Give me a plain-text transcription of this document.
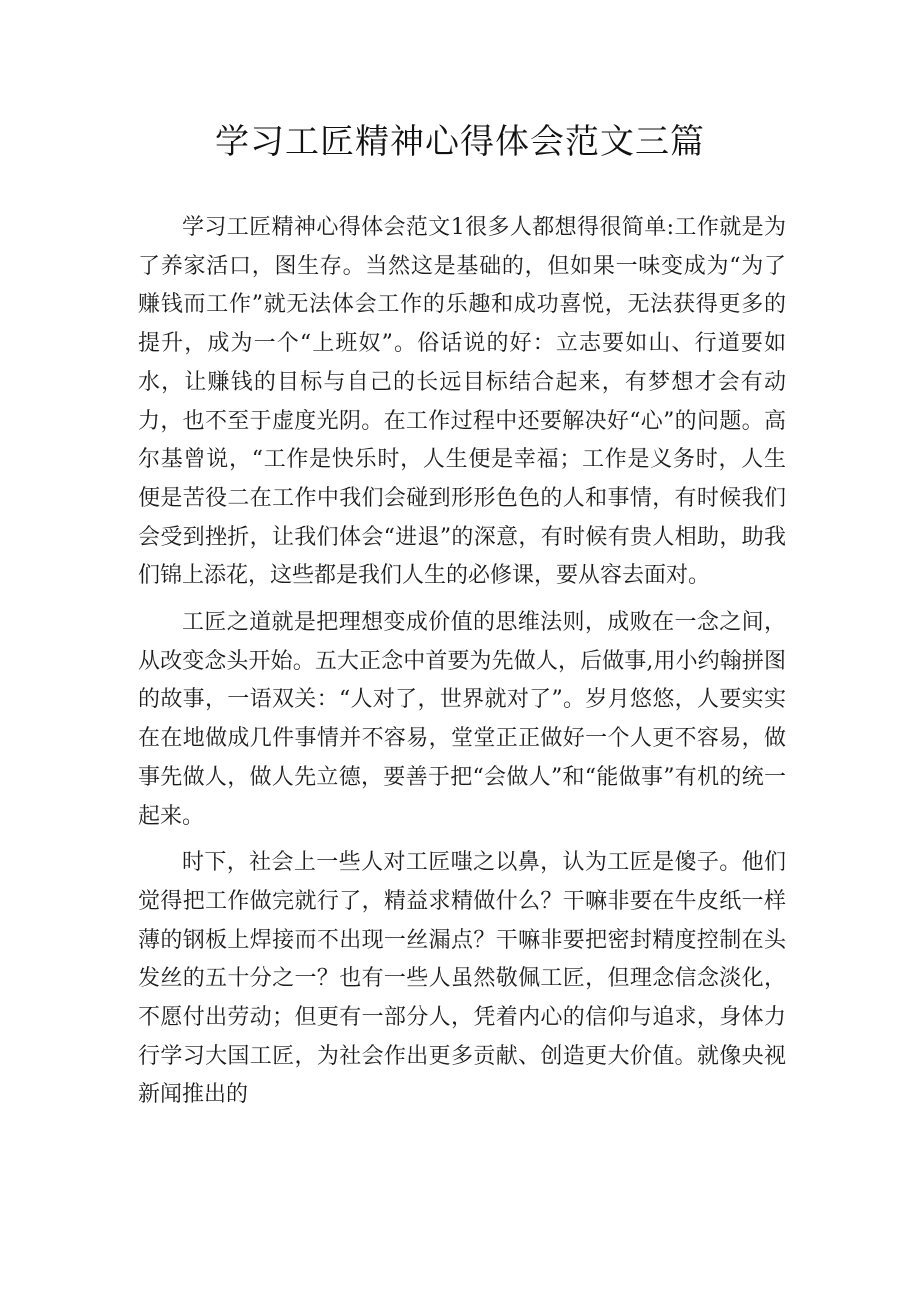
学习工匠精神心得体会范文三篇

学习工匠精神心得体会范文1很多人都想得很简单:工作就是为了养家活口，图生存。当然这是基础的，但如果一味变成为“为了赚钱而工作”就无法体会工作的乐趣和成功喜悦，无法获得更多的提升，成为一个“上班奴”。俗话说的好：立志要如山、行道要如水，让赚钱的目标与自己的长远目标结合起来，有梦想才会有动力，也不至于虚度光阴。在工作过程中还要解决好“心”的问题。高尔基曾说，“工作是快乐时，人生便是幸福；工作是义务时，人生便是苦役二在工作中我们会碰到形形色色的人和事情，有时候我们会受到挫折，让我们体会“进退”的深意，有时候有贵人相助，助我们锦上添花，这些都是我们人生的必修课，要从容去面对。

工匠之道就是把理想变成价值的思维法则，成败在一念之间，从改变念头开始。五大正念中首要为先做人，后做事,用小约翰拼图的故事，一语双关：“人对了，世界就对了”。岁月悠悠，人要实实在在地做成几件事情并不容易，堂堂正正做好一个人更不容易，做事先做人，做人先立德，要善于把“会做人”和“能做事”有机的统一起来。

时下，社会上一些人对工匠嗤之以鼻，认为工匠是傻子。他们觉得把工作做完就行了，精益求精做什么？干嘛非要在牛皮纸一样薄的钢板上焊接而不出现一丝漏点？干嘛非要把密封精度控制在头发丝的五十分之一？也有一些人虽然敬佩工匠，但理念信念淡化，不愿付出劳动；但更有一部分人，凭着内心的信仰与追求，身体力行学习大国工匠，为社会作出更多贡献、创造更大价值。就像央视新闻推出的
